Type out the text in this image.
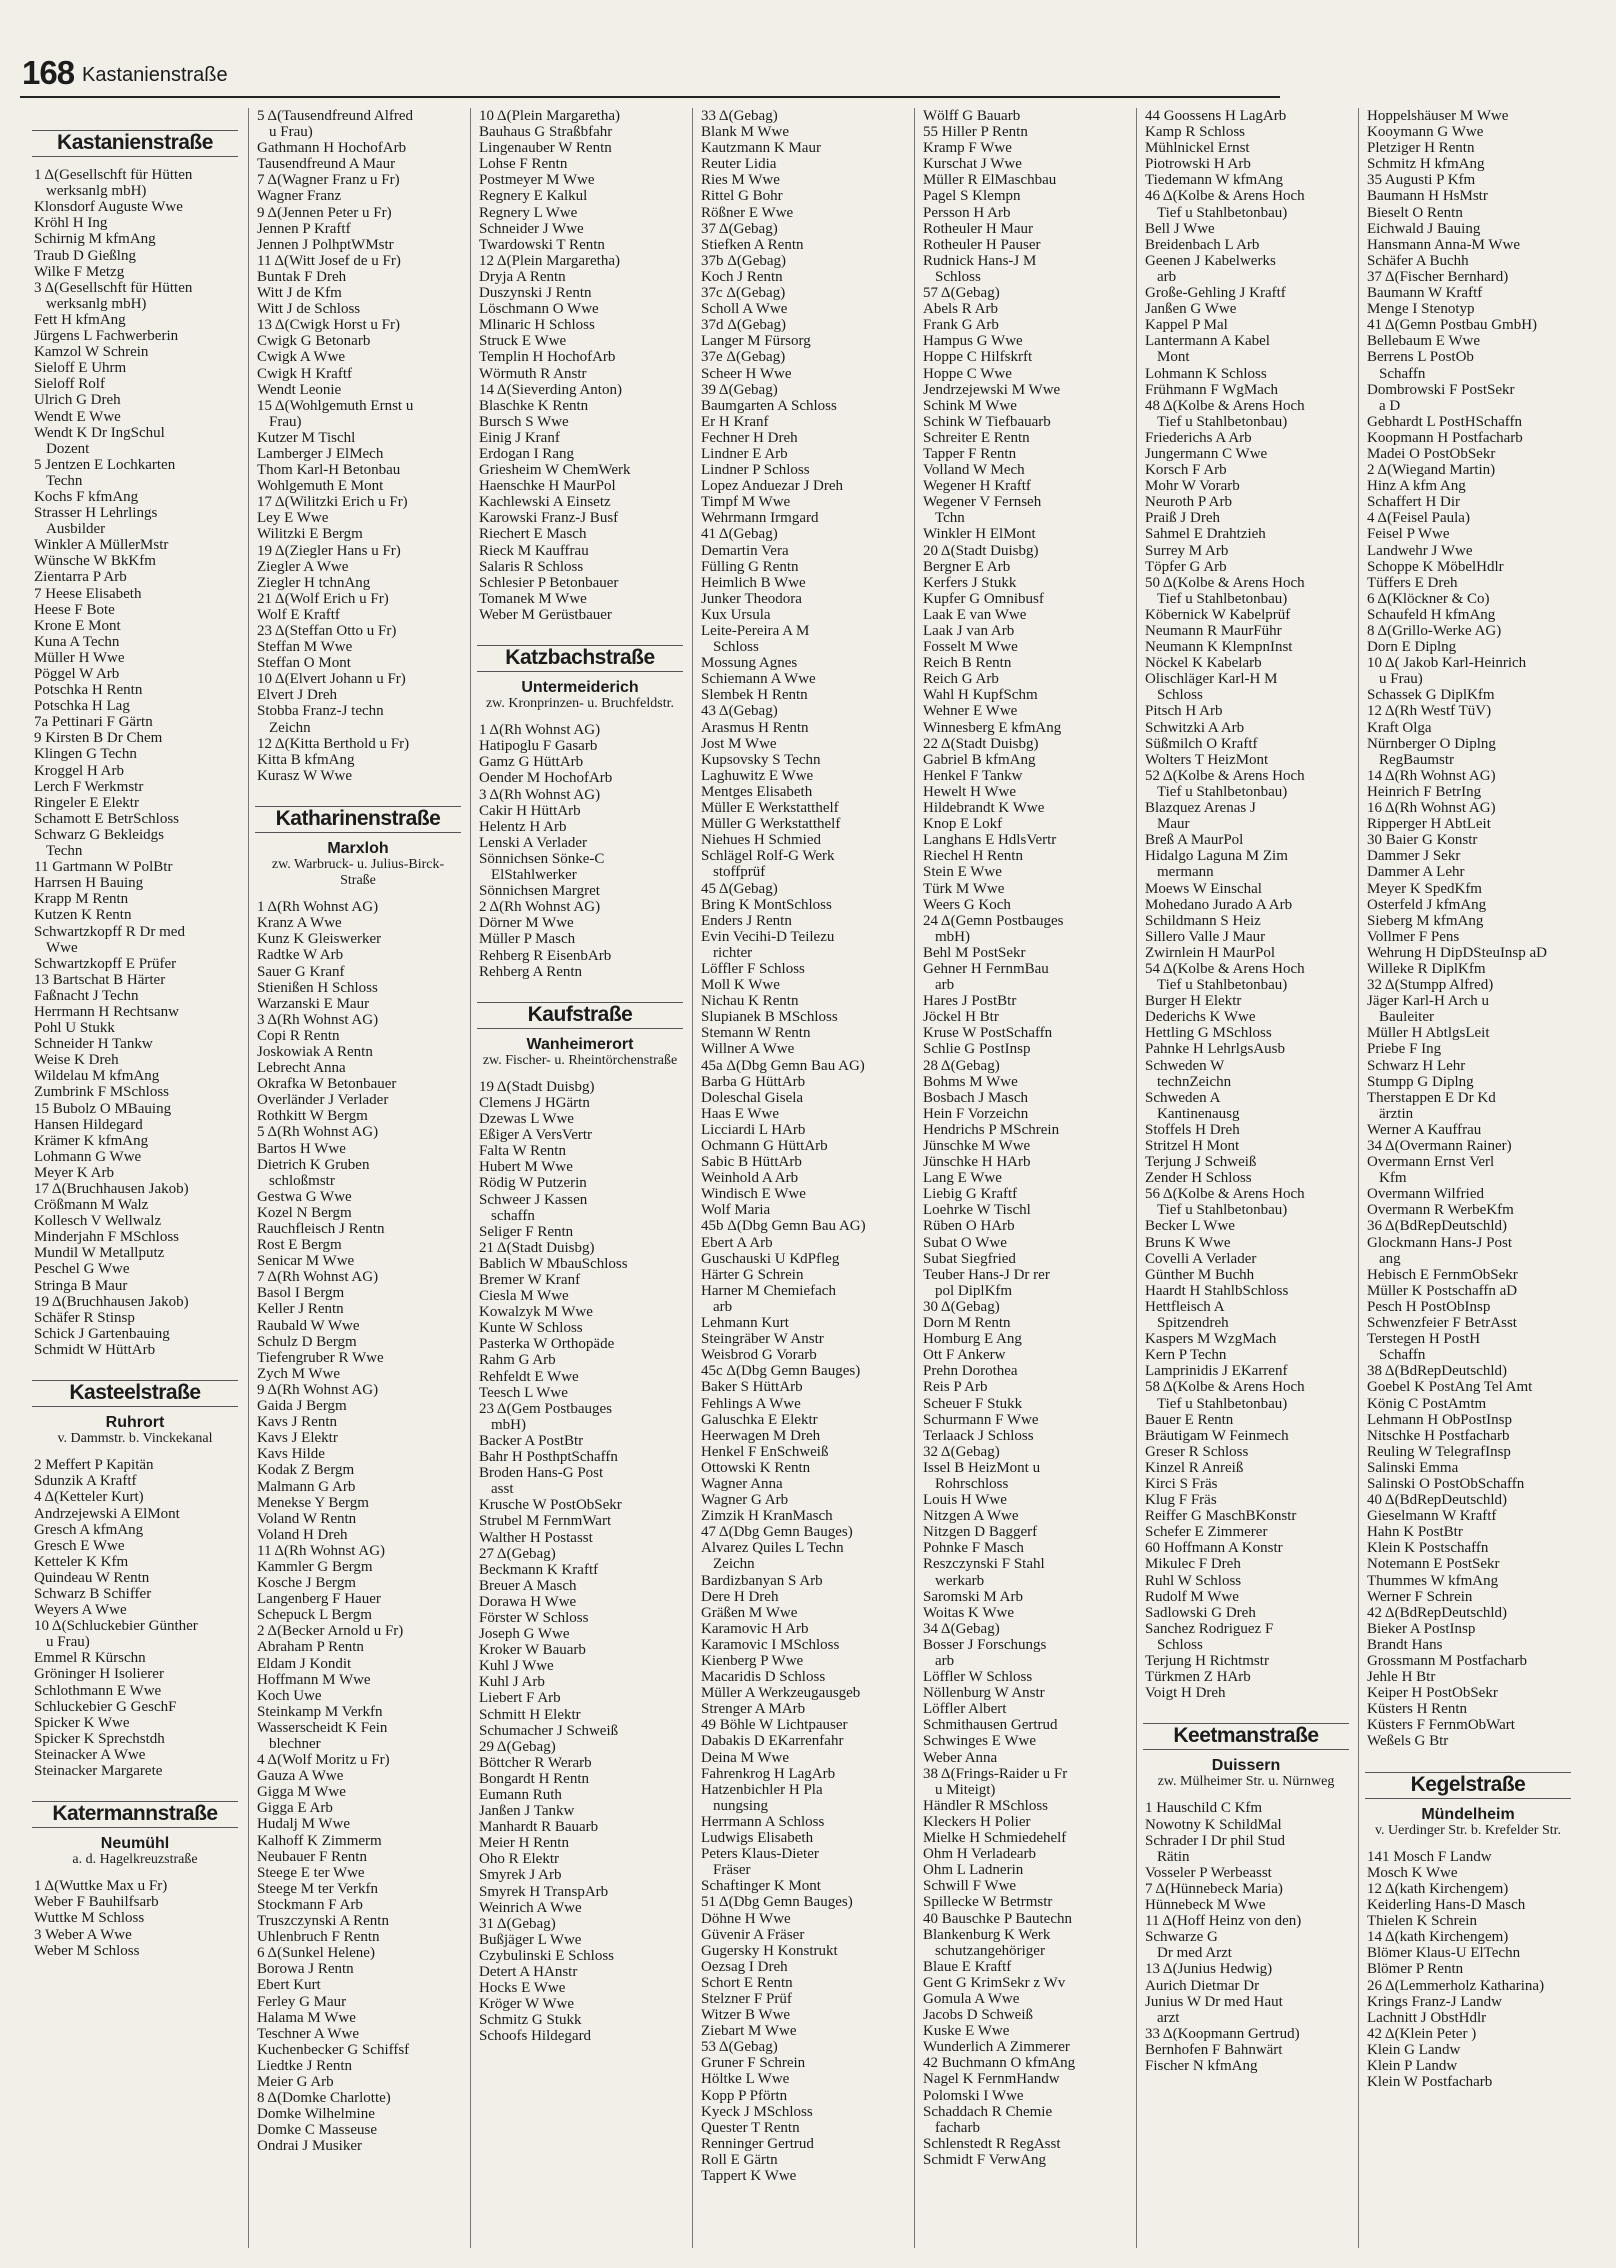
168 Kastanienstraße
Kastanienstraße
1 Δ(Gesellschft für Hütten
werksanlg mbH)
Klonsdorf Auguste Wwe
Kröhl H Ing
Schirnig M kfmAng
Traub D Gießlng
Wilke F Metzg
3 Δ(Gesellschft für Hütten
werksanlg mbH)
Fett H kfmAng
Jürgens L Fachwerberin
Kamzol W Schrein
Sieloff E Uhrm
Sieloff Rolf
Ulrich G Dreh
Wendt E Wwe
Wendt K Dr IngSchul
Dozent
5 Jentzen E Lochkarten
Techn
Kochs F kfmAng
Strasser H Lehrlings
Ausbilder
Winkler A MüllerMstr
Wünsche W BkKfm
Zientarra P Arb
7 Heese Elisabeth
Heese F Bote
Krone E Mont
Kuna A Techn
Müller H Wwe
Pöggel W Arb
Potschka H Rentn
Potschka H Lag
7a Pettinari F Gärtn
9 Kirsten B Dr Chem
Klingen G Techn
Kroggel H Arb
Lerch F Werkmstr
Ringeler E Elektr
Schamott E BetrSchloss
Schwarz G Bekleidgs
Techn
11 Gartmann W PolBtr
Harrsen H Bauing
Krapp M Rentn
Kutzen K Rentn
Schwartzkopff R Dr med
Wwe
Schwartzkopff E Prüfer
13 Bartschat B Härter
Faßnacht J Techn
Herrmann H Rechtsanw
Pohl U Stukk
Schneider H Tankw
Weise K Dreh
Wildelau M kfmAng
Zumbrink F MSchloss
15 Bubolz O MBauing
Hansen Hildegard
Krämer K kfmAng
Lohmann G Wwe
Meyer K Arb
17 Δ(Bruchhausen Jakob)
Crößmann M Walz
Kollesch V Wellwalz
Minderjahn F MSchloss
Mundil W Metallputz
Peschel G Wwe
Stringa B Maur
19 Δ(Bruchhausen Jakob)
Schäfer R Stinsp
Schick J Gartenbauing
Schmidt W HüttArb
Kasteelstraße
Ruhrort
v. Dammstr. b. Vinckekanal
2 Meffert P Kapitän
Sdunzik A Kraftf
4 Δ(Ketteler Kurt)
Andrzejewski A ElMont
Gresch A kfmAng
Gresch E Wwe
Ketteler K Kfm
Quindeau W Rentn
Schwarz B Schiffer
Weyers A Wwe
10 Δ(Schluckebier Günther
u Frau)
Emmel R Kürschn
Gröninger H Isolierer
Schlothmann E Wwe
Schluckebier G GeschF
Spicker K Wwe
Spicker K Sprechstdh
Steinacker A Wwe
Steinacker Margarete
Katermannstraße
Neumühl
a. d. Hagelkreuzstraße
1 Δ(Wuttke Max u Fr)
Weber F Bauhilfsarb
Wuttke M Schloss
3 Weber A Wwe
Weber M Schloss
5 Δ(Tausendfreund Alfred
u Frau)
Gathmann H HochofArb
Tausendfreund A Maur
7 Δ(Wagner Franz u Fr)
Wagner Franz
9 Δ(Jennen Peter u Fr)
Jennen P Kraftf
Jennen J PolhptWMstr
11 Δ(Witt Josef de u Fr)
Buntak F Dreh
Witt J de Kfm
Witt J de Schloss
13 Δ(Cwigk Horst u Fr)
Cwigk G Betonarb
Cwigk A Wwe
Cwigk H Kraftf
Wendt Leonie
15 Δ(Wohlgemuth Ernst u
Frau)
Kutzer M Tischl
Lamberger J ElMech
Thom Karl-H Betonbau
Wohlgemuth E Mont
17 Δ(Wilitzki Erich u Fr)
Ley E Wwe
Wilitzki E Bergm
19 Δ(Ziegler Hans u Fr)
Ziegler A Wwe
Ziegler H tchnAng
21 Δ(Wolf Erich u Fr)
Wolf E Kraftf
23 Δ(Steffan Otto u Fr)
Steffan M Wwe
Steffan O Mont
10 Δ(Elvert Johann u Fr)
Elvert J Dreh
Stobba Franz-J techn
Zeichn
12 Δ(Kitta Berthold u Fr)
Kitta B kfmAng
Kurasz W Wwe
Katharinenstraße
Marxloh
zw. Warbruck- u. Julius-Birck-Straße
1 Δ(Rh Wohnst AG)
Kranz A Wwe
Kunz K Gleiswerker
Radtke W Arb
Sauer G Kranf
Stienißen H Schloss
Warzanski E Maur
3 Δ(Rh Wohnst AG)
Copi R Rentn
Joskowiak A Rentn
Lebrecht Anna
Okrafka W Betonbauer
Overländer J Verlader
Rothkitt W Bergm
5 Δ(Rh Wohnst AG)
Bartos H Wwe
Dietrich K Gruben
schloßmstr
Gestwa G Wwe
Kozel N Bergm
Rauchfleisch J Rentn
Rost E Bergm
Senicar M Wwe
7 Δ(Rh Wohnst AG)
Basol I Bergm
Keller J Rentn
Raubald W Wwe
Schulz D Bergm
Tiefengruber R Wwe
Zych M Wwe
9 Δ(Rh Wohnst AG)
Gaida J Bergm
Kavs J Rentn
Kavs J Elektr
Kavs Hilde
Kodak Z Bergm
Malmann G Arb
Menekse Y Bergm
Voland W Rentn
Voland H Dreh
11 Δ(Rh Wohnst AG)
Kammler G Bergm
Kosche J Bergm
Langenberg F Hauer
Schepuck L Bergm
2 Δ(Becker Arnold u Fr)
Abraham P Rentn
Eldam J Kondit
Hoffmann M Wwe
Koch Uwe
Steinkamp M Verkfn
Wasserscheidt K Fein
blechner
4 Δ(Wolf Moritz u Fr)
Gauza A Wwe
Gigga M Wwe
Gigga E Arb
Hudalj M Wwe
Kalhoff K Zimmerm
Neubauer F Rentn
Steege E ter Wwe
Steege M ter Verkfn
Stockmann F Arb
Truszczynski A Rentn
Uhlenbruch F Rentn
6 Δ(Sunkel Helene)
Borowa J Rentn
Ebert Kurt
Ferley G Maur
Halama M Wwe
Teschner A Wwe
Kuchenbecker G Schiffsf
Liedtke J Rentn
Meier G Arb
8 Δ(Domke Charlotte)
Domke Wilhelmine
Domke C Masseuse
Ondrai J Musiker
10 Δ(Plein Margaretha)
Bauhaus G Straßbfahr
Lingenauber W Rentn
Lohse F Rentn
Postmeyer M Wwe
Regnery E Kalkul
Regnery L Wwe
Schneider J Wwe
Twardowski T Rentn
12 Δ(Plein Margaretha)
Dryja A Rentn
Duszynski J Rentn
Löschmann O Wwe
Mlinaric H Schloss
Struck E Wwe
Templin H HochofArb
Wörmuth R Anstr
14 Δ(Sieverding Anton)
Blaschke K Rentn
Bursch S Wwe
Einig J Kranf
Erdogan I Rang
Griesheim W ChemWerk
Haenschke H MaurPol
Kachlewski A Einsetz
Karowski Franz-J Busf
Riechert E Masch
Rieck M Kauffrau
Salaris R Schloss
Schlesier P Betonbauer
Tomanek M Wwe
Weber M Gerüstbauer
Katzbachstraße
Untermeiderich
zw. Kronprinzen- u. Bruchfeldstr.
1 Δ(Rh Wohnst AG)
Hatipoglu F Gasarb
Gamz G HüttArb
Oender M HochofArb
3 Δ(Rh Wohnst AG)
Cakir H HüttArb
Helentz H Arb
Lenski A Verlader
Sönnichsen Sönke-C
ElStahlwerker
Sönnichsen Margret
2 Δ(Rh Wohnst AG)
Dörner M Wwe
Müller P Masch
Rehberg R EisenbArb
Rehberg A Rentn
Kaufstraße
Wanheimerort
zw. Fischer- u. Rheintörchenstraße
19 Δ(Stadt Duisbg)
Clemens J HGärtn
Dzewas L Wwe
Eßiger A VersVertr
Falta W Rentn
Hubert M Wwe
Rödig W Putzerin
Schweer J Kassen
schaffn
Seliger F Rentn
21 Δ(Stadt Duisbg)
Bablich W MbauSchloss
Bremer W Kranf
Ciesla M Wwe
Kowalzyk M Wwe
Kunte W Schloss
Pasterka W Orthopäde
Rahm G Arb
Rehfeldt E Wwe
Teesch L Wwe
23 Δ(Gem Postbauges
mbH)
Backer A PostBtr
Bahr H PosthptSchaffn
Broden Hans-G Post
asst
Krusche W PostObSekr
Strubel M FernmWart
Walther H Postasst
27 Δ(Gebag)
Beckmann K Kraftf
Breuer A Masch
Dorawa H Wwe
Förster W Schloss
Joseph G Wwe
Kroker W Bauarb
Kuhl J Wwe
Kuhl J Arb
Liebert F Arb
Schmitt H Elektr
Schumacher J Schweiß
29 Δ(Gebag)
Böttcher R Werarb
Bongardt H Rentn
Eumann Ruth
Janßen J Tankw
Manhardt R Bauarb
Meier H Rentn
Oho R Elektr
Smyrek J Arb
Smyrek H TranspArb
Weinrich A Wwe
31 Δ(Gebag)
Bußjäger L Wwe
Czybulinski E Schloss
Detert A HAnstr
Hocks E Wwe
Kröger W Wwe
Schmitz G Stukk
Schoofs Hildegard
33 Δ(Gebag)
Blank M Wwe
Kautzmann K Maur
Reuter Lidia
Ries M Wwe
Rittel G Bohr
Rößner E Wwe
37 Δ(Gebag)
Stiefken A Rentn
37b Δ(Gebag)
Koch J Rentn
37c Δ(Gebag)
Scholl A Wwe
37d Δ(Gebag)
Langer M Fürsorg
37e Δ(Gebag)
Scheer H Wwe
39 Δ(Gebag)
Baumgarten A Schloss
Er H Kranf
Fechner H Dreh
Lindner E Arb
Lindner P Schloss
Lopez Anduezar J Dreh
Timpf M Wwe
Wehrmann Irmgard
41 Δ(Gebag)
Demartin Vera
Fülling G Rentn
Heimlich B Wwe
Junker Theodora
Kux Ursula
Leite-Pereira A M
Schloss
Mossung Agnes
Schiemann A Wwe
Slembek H Rentn
43 Δ(Gebag)
Arasmus H Rentn
Jost M Wwe
Kupsovsky S Techn
Laghuwitz E Wwe
Mentges Elisabeth
Müller E Werkstatthelf
Müller G Werkstatthelf
Niehues H Schmied
Schlägel Rolf-G Werk
stoffprüf
45 Δ(Gebag)
Bring K MontSchloss
Enders J Rentn
Evin Vecihi-D Teilezu
richter
Löffler F Schloss
Moll K Wwe
Nichau K Rentn
Slupianek B MSchloss
Stemann W Rentn
Willner A Wwe
45a Δ(Dbg Gemn Bau AG)
Barba G HüttArb
Doleschal Gisela
Haas E Wwe
Licciardi L HArb
Ochmann G HüttArb
Sabic B HüttArb
Weinhold A Arb
Windisch E Wwe
Wolf Maria
45b Δ(Dbg Gemn Bau AG)
Ebert A Arb
Guschauski U KdPfleg
Härter G Schrein
Harner M Chemiefach
arb
Lehmann Kurt
Steingräber W Anstr
Weisbrod G Vorarb
45c Δ(Dbg Gemn Bauges)
Baker S HüttArb
Fehlings A Wwe
Galuschka E Elektr
Heerwagen M Dreh
Henkel F EnSchweiß
Ottowski K Rentn
Wagner Anna
Wagner G Arb
Zimzik H KranMasch
47 Δ(Dbg Gemn Bauges)
Alvarez Quiles L Techn
Zeichn
Bardizbanyan S Arb
Dere H Dreh
Gräßen M Wwe
Karamovic H Arb
Karamovic I MSchloss
Kienberg P Wwe
Macaridis D Schloss
Müller A Werkzeugausgeb
Strenger A MArb
49 Böhle W Lichtpauser
Dabakis D EKarrenfahr
Deina M Wwe
Fahrenkrog H LagArb
Hatzenbichler H Pla
nungsing
Herrmann A Schloss
Ludwigs Elisabeth
Peters Klaus-Dieter
Fräser
Schaftinger K Mont
51 Δ(Dbg Gemn Bauges)
Döhne H Wwe
Güvenir A Fräser
Gugersky H Konstrukt
Oezsag I Dreh
Schort E Rentn
Stelzner F Prüf
Witzer B Wwe
Ziebart M Wwe
53 Δ(Gebag)
Gruner F Schrein
Höltke L Wwe
Kopp P Pförtn
Kyeck J MSchloss
Quester T Rentn
Renninger Gertrud
Roll E Gärtn
Tappert K Wwe
Wölff G Bauarb
55 Hiller P Rentn
Kramp F Wwe
Kurschat J Wwe
Müller R ElMaschbau
Pagel S Klempn
Persson H Arb
Rotheuler H Maur
Rotheuler H Pauser
Rudnick Hans-J M
Schloss
57 Δ(Gebag)
Abels R Arb
Frank G Arb
Hampus G Wwe
Hoppe C Hilfskrft
Hoppe C Wwe
Jendrzejewski M Wwe
Schink M Wwe
Schink W Tiefbauarb
Schreiter E Rentn
Tapper F Rentn
Volland W Mech
Wegener H Kraftf
Wegener V Fernseh
Tchn
Winkler H ElMont
20 Δ(Stadt Duisbg)
Bergner E Arb
Kerfers J Stukk
Kupfer G Omnibusf
Laak E van Wwe
Laak J van Arb
Fosselt M Wwe
Reich B Rentn
Reich G Arb
Wahl H KupfSchm
Wehner E Wwe
Winnesberg E kfmAng
22 Δ(Stadt Duisbg)
Gabriel B kfmAng
Henkel F Tankw
Hewelt H Wwe
Hildebrandt K Wwe
Knop E Lokf
Langhans E HdlsVertr
Riechel H Rentn
Stein E Wwe
Türk M Wwe
Weers G Koch
24 Δ(Gemn Postbauges
mbH)
Behl M PostSekr
Gehner H FernmBau
arb
Hares J PostBtr
Jöckel H Btr
Kruse W PostSchaffn
Schlie G PostInsp
28 Δ(Gebag)
Bohms M Wwe
Bosbach J Masch
Hein F Vorzeichn
Hendrichs P MSchrein
Jünschke M Wwe
Jünschke H HArb
Lang E Wwe
Liebig G Kraftf
Loehrke W Tischl
Rüben O HArb
Subat O Wwe
Subat Siegfried
Teuber Hans-J Dr rer
pol DiplKfm
30 Δ(Gebag)
Dorn M Rentn
Homburg E Ang
Ott F Ankerw
Prehn Dorothea
Reis P Arb
Scheuer F Stukk
Schurmann F Wwe
Terlaack J Schloss
32 Δ(Gebag)
Issel B HeizMont u
Rohrschloss
Louis H Wwe
Nitzgen A Wwe
Nitzgen D Baggerf
Pohnke F Masch
Reszczynski F Stahl
werkarb
Saromski M Arb
Woitas K Wwe
34 Δ(Gebag)
Bosser J Forschungs
arb
Löffler W Schloss
Nöllenburg W Anstr
Löffler Albert
Schmithausen Gertrud
Schwinges E Wwe
Weber Anna
38 Δ(Frings-Raider u Fr
u Miteigt)
Händler R MSchloss
Kleckers H Polier
Mielke H Schmiedehelf
Ohm H Verladearb
Ohm L Ladnerin
Schwill F Wwe
Spillecke W Betrmstr
40 Bauschke P Bautechn
Blankenburg K Werk
schutzangehöriger
Blaue E Kraftf
Gent G KrimSekr z Wv
Gomula A Wwe
Jacobs D Schweiß
Kuske E Wwe
Wunderlich A Zimmerer
42 Buchmann O kfmAng
Nagel K FernmHandw
Polomski I Wwe
Schaddach R Chemie
facharb
Schlenstedt R RegAsst
Schmidt F VerwAng
44 Goossens H LagArb
Kamp R Schloss
Mühlnickel Ernst
Piotrowski H Arb
Tiedemann W kfmAng
46 Δ(Kolbe & Arens Hoch
Tief u Stahlbetonbau)
Bell J Wwe
Breidenbach L Arb
Geenen J Kabelwerks
arb
Große-Gehling J Kraftf
Janßen G Wwe
Kappel P Mal
Lantermann A Kabel
Mont
Lohmann K Schloss
Frühmann F WgMach
48 Δ(Kolbe & Arens Hoch
Tief u Stahlbetonbau)
Friederichs A Arb
Jungermann C Wwe
Korsch F Arb
Mohr W Vorarb
Neuroth P Arb
Praiß J Dreh
Sahmel E Drahtzieh
Surrey M Arb
Töpfer G Arb
50 Δ(Kolbe & Arens Hoch
Tief u Stahlbetonbau)
Köbernick W Kabelprüf
Neumann R MaurFühr
Neumann K KlempnInst
Nöckel K Kabelarb
Olischläger Karl-H M
Schloss
Pitsch H Arb
Schwitzki A Arb
Süßmilch O Kraftf
Wolters T HeizMont
52 Δ(Kolbe & Arens Hoch
Tief u Stahlbetonbau)
Blazquez Arenas J
Maur
Breß A MaurPol
Hidalgo Laguna M Zim
mermann
Moews W Einschal
Mohedano Jurado A Arb
Schildmann S Heiz
Sillero Valle J Maur
Zwirnlein H MaurPol
54 Δ(Kolbe & Arens Hoch
Tief u Stahlbetonbau)
Burger H Elektr
Dederichs K Wwe
Hettling G MSchloss
Pahnke H LehrlgsAusb
Schweden W
technZeichn
Schweden A
Kantinenausg
Stoffels H Dreh
Stritzel H Mont
Terjung J Schweiß
Zender H Schloss
56 Δ(Kolbe & Arens Hoch
Tief u Stahlbetonbau)
Becker L Wwe
Bruns K Wwe
Covelli A Verlader
Günther M Buchh
Haardt H StahlbSchloss
Hettfleisch A
Spitzendreh
Kaspers M WzgMach
Kern P Techn
Lamprinidis J EKarrenf
58 Δ(Kolbe & Arens Hoch
Tief u Stahlbetonbau)
Bauer E Rentn
Bräutigam W Feinmech
Greser R Schloss
Kinzel R Anreiß
Kirci S Fräs
Klug F Fräs
Reiffer G MaschBKonstr
Schefer E Zimmerer
60 Hoffmann A Konstr
Mikulec F Dreh
Ruhl W Schloss
Rudolf M Wwe
Sadlowski G Dreh
Sanchez Rodriguez F
Schloss
Terjung H Richtmstr
Türkmen Z HArb
Voigt H Dreh
Keetmanstraße
Duissern
zw. Mülheimer Str. u. Nürnweg
1 Hauschild C Kfm
Nowotny K SchildMal
Schrader I Dr phil Stud
Rätin
Vosseler P Werbeasst
7 Δ(Hünnebeck Maria)
Hünnebeck M Wwe
11 Δ(Hoff Heinz von den)
Schwarze G
Dr med Arzt
13 Δ(Junius Hedwig)
Aurich Dietmar Dr
Junius W Dr med Haut
arzt
33 Δ(Koopmann Gertrud)
Bernhofen F Bahnwärt
Fischer N kfmAng
Hoppelshäuser M Wwe
Kooymann G Wwe
Pletziger H Rentn
Schmitz H kfmAng
35 Augusti P Kfm
Baumann H HsMstr
Bieselt O Rentn
Eichwald J Bauing
Hansmann Anna-M Wwe
Schäfer A Buchh
37 Δ(Fischer Bernhard)
Baumann W Kraftf
Menge I Stenotyp
41 Δ(Gemn Postbau GmbH)
Bellebaum E Wwe
Berrens L PostOb
Schaffn
Dombrowski F PostSekr
a D
Gebhardt L PostHSchaffn
Koopmann H Postfacharb
Madei O PostObSekr
2 Δ(Wiegand Martin)
Hinz A kfm Ang
Schaffert H Dir
4 Δ(Feisel Paula)
Feisel P Wwe
Landwehr J Wwe
Schoppe K MöbelHdlr
Tüffers E Dreh
6 Δ(Klöckner & Co)
Schaufeld H kfmAng
8 Δ(Grillo-Werke AG)
Dorn E Diplng
10 Δ( Jakob Karl-Heinrich
u Frau)
Schassek G DiplKfm
12 Δ(Rh Westf TüV)
Kraft Olga
Nürnberger O Diplng
RegBaumstr
14 Δ(Rh Wohnst AG)
Heinrich F BetrIng
16 Δ(Rh Wohnst AG)
Ripperger H AbtLeit
30 Baier G Konstr
Dammer J Sekr
Dammer A Lehr
Meyer K SpedKfm
Osterfeld J kfmAng
Sieberg M kfmAng
Vollmer F Pens
Wehrung H DipDSteuInsp aD
Willeke R DiplKfm
32 Δ(Stumpp Alfred)
Jäger Karl-H Arch u
Bauleiter
Müller H AbtlgsLeit
Priebe F Ing
Schwarz H Lehr
Stumpp G Diplng
Therstappen E Dr Kd
ärztin
Werner A Kauffrau
34 Δ(Overmann Rainer)
Overmann Ernst Verl
Kfm
Overmann Wilfried
Overmann R WerbeKfm
36 Δ(BdRepDeutschld)
Glockmann Hans-J Post
ang
Hebisch E FernmObSekr
Müller K Postschaffn aD
Pesch H PostObInsp
Schwenzfeier F BetrAsst
Terstegen H PostH
Schaffn
38 Δ(BdRepDeutschld)
Goebel K PostAng Tel Amt
König C PostAmtm
Lehmann H ObPostInsp
Nitschke H Postfacharb
Reuling W TelegrafInsp
Salinski Emma
Salinski O PostObSchaffn
40 Δ(BdRepDeutschld)
Gieselmann W Kraftf
Hahn K PostBtr
Klein K Postschaffn
Notemann E PostSekr
Thummes W kfmAng
Werner F Schrein
42 Δ(BdRepDeutschld)
Bieker A PostInsp
Brandt Hans
Grossmann M Postfacharb
Jehle H Btr
Keiper H PostObSekr
Küsters H Rentn
Küsters F FernmObWart
Weßels G Btr
Kegelstraße
Mündelheim
v. Uerdinger Str. b. Krefelder Str.
141 Mosch F Landw
Mosch K Wwe
12 Δ(kath Kirchengem)
Keiderling Hans-D Masch
Thielen K Schrein
14 Δ(kath Kirchengem)
Blömer Klaus-U ElTechn
Blömer P Rentn
26 Δ(Lemmerholz Katharina)
Krings Franz-J Landw
Lachnitt J ObstHdlr
42 Δ(Klein Peter )
Klein G Landw
Klein P Landw
Klein W Postfacharb
